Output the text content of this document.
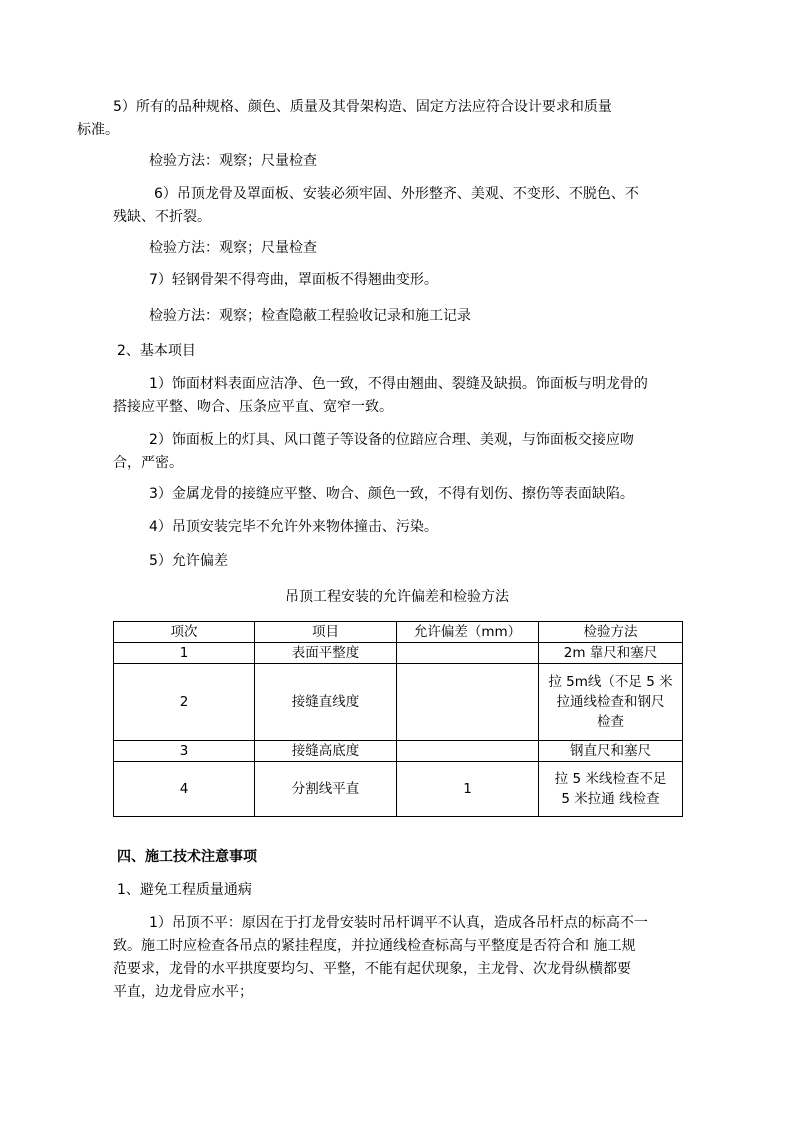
5）所有的品种规格、颜色、质量及其骨架构造、固定方法应符合设计要求和质量

标准。

检验方法：观察；尺量检查

6）吊顶龙骨及罩面板、安装必须牢固、外形整齐、美观、不变形、不脱色、不

残缺、不折裂。

检验方法：观察；尺量检查

7）轻钢骨架不得弯曲，罩面板不得翘曲变形。

检验方法：观察；检查隐蔽工程验收记录和施工记录

2、基本项目

1）饰面材料表面应洁净、色一致，不得由翘曲、裂缝及缺损。饰面板与明龙骨的

搭接应平整、吻合、压条应平直、宽窄一致。

2）饰面板上的灯具、风口蓖子等设备的位踣应合理、美观，与饰面板交接应吻

合，严密。

3）金属龙骨的接缝应平整、吻合、颜色一致，不得有划伤、擦伤等表面缺陷。

4）吊顶安装完毕不允许外来物体撞击、污染。

5）允许偏差

吊顶工程安装的允许偏差和检验方法
项次	项目	允许偏差（mm）	检验方法
1	表面平整度		2m 靠尺和塞尺

2	接缝直线度		拉 5m线（不足 5 米
拉通线检查和钢尺
检查

3	接缝高底度		钢直尺和塞尺

4	分割线平直	1	拉 5 米线检查不足
5 米拉通 线检查

四、施工技术注意事项

1、避免工程质量通病

1）吊顶不平：原因在于打龙骨安装时吊杆调平不认真，造成各吊杆点的标高不一

致。施工时应检查各吊点的紧挂程度，并拉通线检查标高与平整度是否符合和 施工规

范要求，龙骨的水平拱度要均匀、平整，不能有起伏现象，主龙骨、次龙骨纵横都要

平直，边龙骨应水平；
